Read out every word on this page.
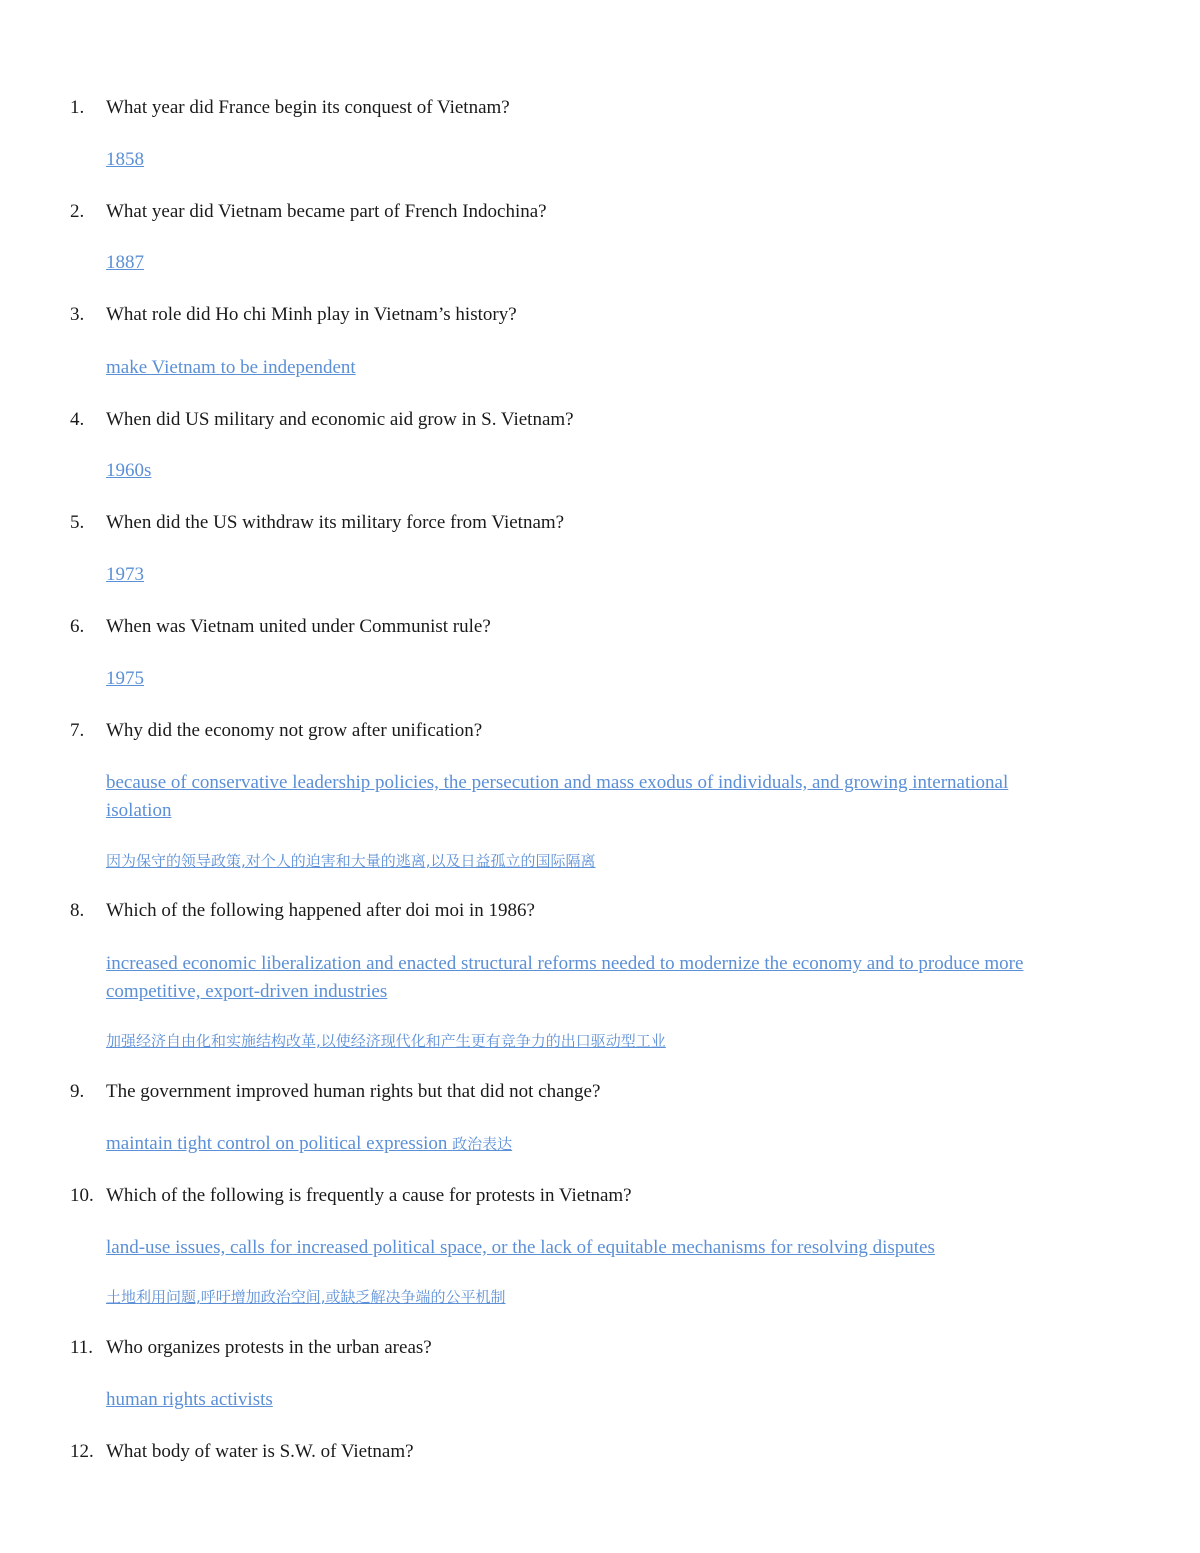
1.	What year did France begin its conquest of Vietnam?
1858
2.	What year did Vietnam became part of French Indochina?
1887
3.	What role did Ho chi Minh play in Vietnam’s history?
make Vietnam to be independent
4.	When did US military and economic aid grow in S. Vietnam?
1960s
5.	When did the US withdraw its military force from Vietnam?
1973
6.	When was Vietnam united under Communist rule?
1975
7.	Why did the economy not grow after unification?
because of conservative leadership policies, the persecution and mass exodus of individuals, and growing international isolation
因为保守的领导政策,对个人的迫害和大量的逃离,以及日益孤立的国际隔离
8.	Which of the following happened after doi moi in 1986?
increased economic liberalization and enacted structural reforms needed to modernize the economy and to produce more competitive, export-driven industries
加强经济自由化和实施结构改革,以使经济现代化和产生更有竞争力的出口驱动型工业
9.	The government improved human rights but that did not change?
maintain tight control on political expression 政治表达
10. Which of the following is frequently a cause for protests in Vietnam?
land-use issues, calls for increased political space, or the lack of equitable mechanisms for resolving disputes
土地利用问题,呼吁增加政治空间,或缺乏解决争端的公平机制
11. Who organizes protests in the urban areas?
human rights activists
12. What body of water is S.W. of Vietnam?
